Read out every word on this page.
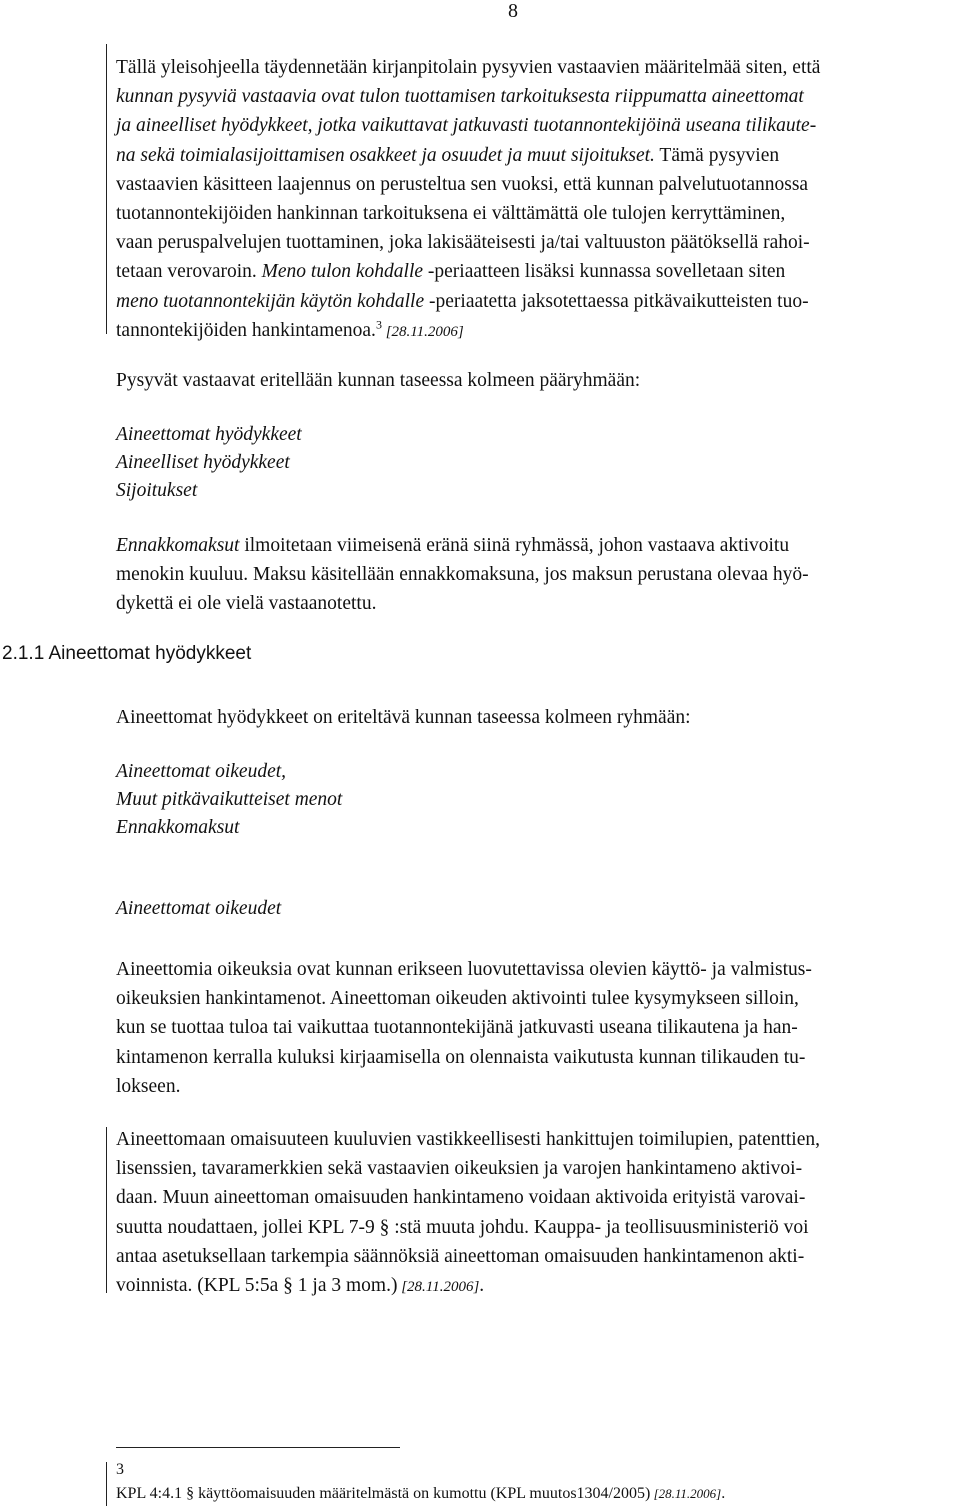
8
Tällä yleisohjeella täydennetään kirjanpitolain pysyvien vastaavien määritelmää siten, että
kunnan pysyviä vastaavia ovat tulon tuottamisen tarkoituksesta riippumatta aineettomat
ja aineelliset hyödykkeet, jotka vaikuttavat jatkuvasti tuotannontekijöinä useana tilikaute-
na sekä toimialasijoittamisen osakkeet ja osuudet ja muut sijoitukset. Tämä pysyvien
vastaavien käsitteen laajennus on perusteltua sen vuoksi, että kunnan palvelutuotannossa
tuotannontekijöiden hankinnan tarkoituksena ei välttämättä ole tulojen kerryttäminen,
vaan peruspalvelujen tuottaminen, joka lakisääteisesti ja/tai valtuuston päätöksellä rahoi-
tetaan verovaroin. Meno tulon kohdalle -periaatteen lisäksi kunnassa sovelletaan siten
meno tuotannontekijän käytön kohdalle -periaatetta jaksotettaessa pitkävaikutteisten tuo-
tannontekijöiden hankintamenoa.$^3$ [28.11.2006]
Pysyvät vastaavat eritellään kunnan taseessa kolmeen pääryhmään:
Aineettomat hyödykkeet
Aineelliset hyödykkeet
Sijoitukset
Ennakkomaksut ilmoitetaan viimeisenä eränä siinä ryhmässä, johon vastaava aktivoitu
menokin kuuluu. Maksu käsitellään ennakkomaksuna, jos maksun perustana olevaa hyö-
dykettä ei ole vielä vastaanotettu.
2.1.1 Aineettomat hyödykkeet
Aineettomat hyödykkeet on eriteltävä kunnan taseessa kolmeen ryhmään:
Aineettomat oikeudet,
Muut pitkävaikutteiset menot
Ennakkomaksut
Aineettomat oikeudet
Aineettomia oikeuksia ovat kunnan erikseen luovutettavissa olevien käyttö- ja valmistus-
oikeuksien hankintamenot. Aineettoman oikeuden aktivointi tulee kysymykseen silloin,
kun se tuottaa tuloa tai vaikuttaa tuotannontekijänä jatkuvasti useana tilikautena ja han-
kintamenon kerralla kuluksi kirjaamisella on olennaista vaikutusta kunnan tilikauden tu-
lokseen.
Aineettomaan omaisuuteen kuuluvien vastikkeellisesti hankittujen toimilupien, patenttien,
lisenssien, tavaramerkkien sekä vastaavien oikeuksien ja varojen hankintameno aktivoi-
daan. Muun aineettoman omaisuuden hankintameno voidaan aktivoida erityistä varovai-
suutta noudattaen, jollei KPL 7-9 § :stä muuta johdu. Kauppa- ja teollisuusministeriö voi
antaa asetuksellaan tarkempia säännöksiä aineettoman omaisuuden hankintamenon akti-
voinnista. (KPL 5:5a § 1 ja 3 mom.) [28.11.2006].
3
KPL 4:4.1 § käyttöomaisuuden määritelmästä on kumottu (KPL muutos1304/2005) [28.11.2006].
